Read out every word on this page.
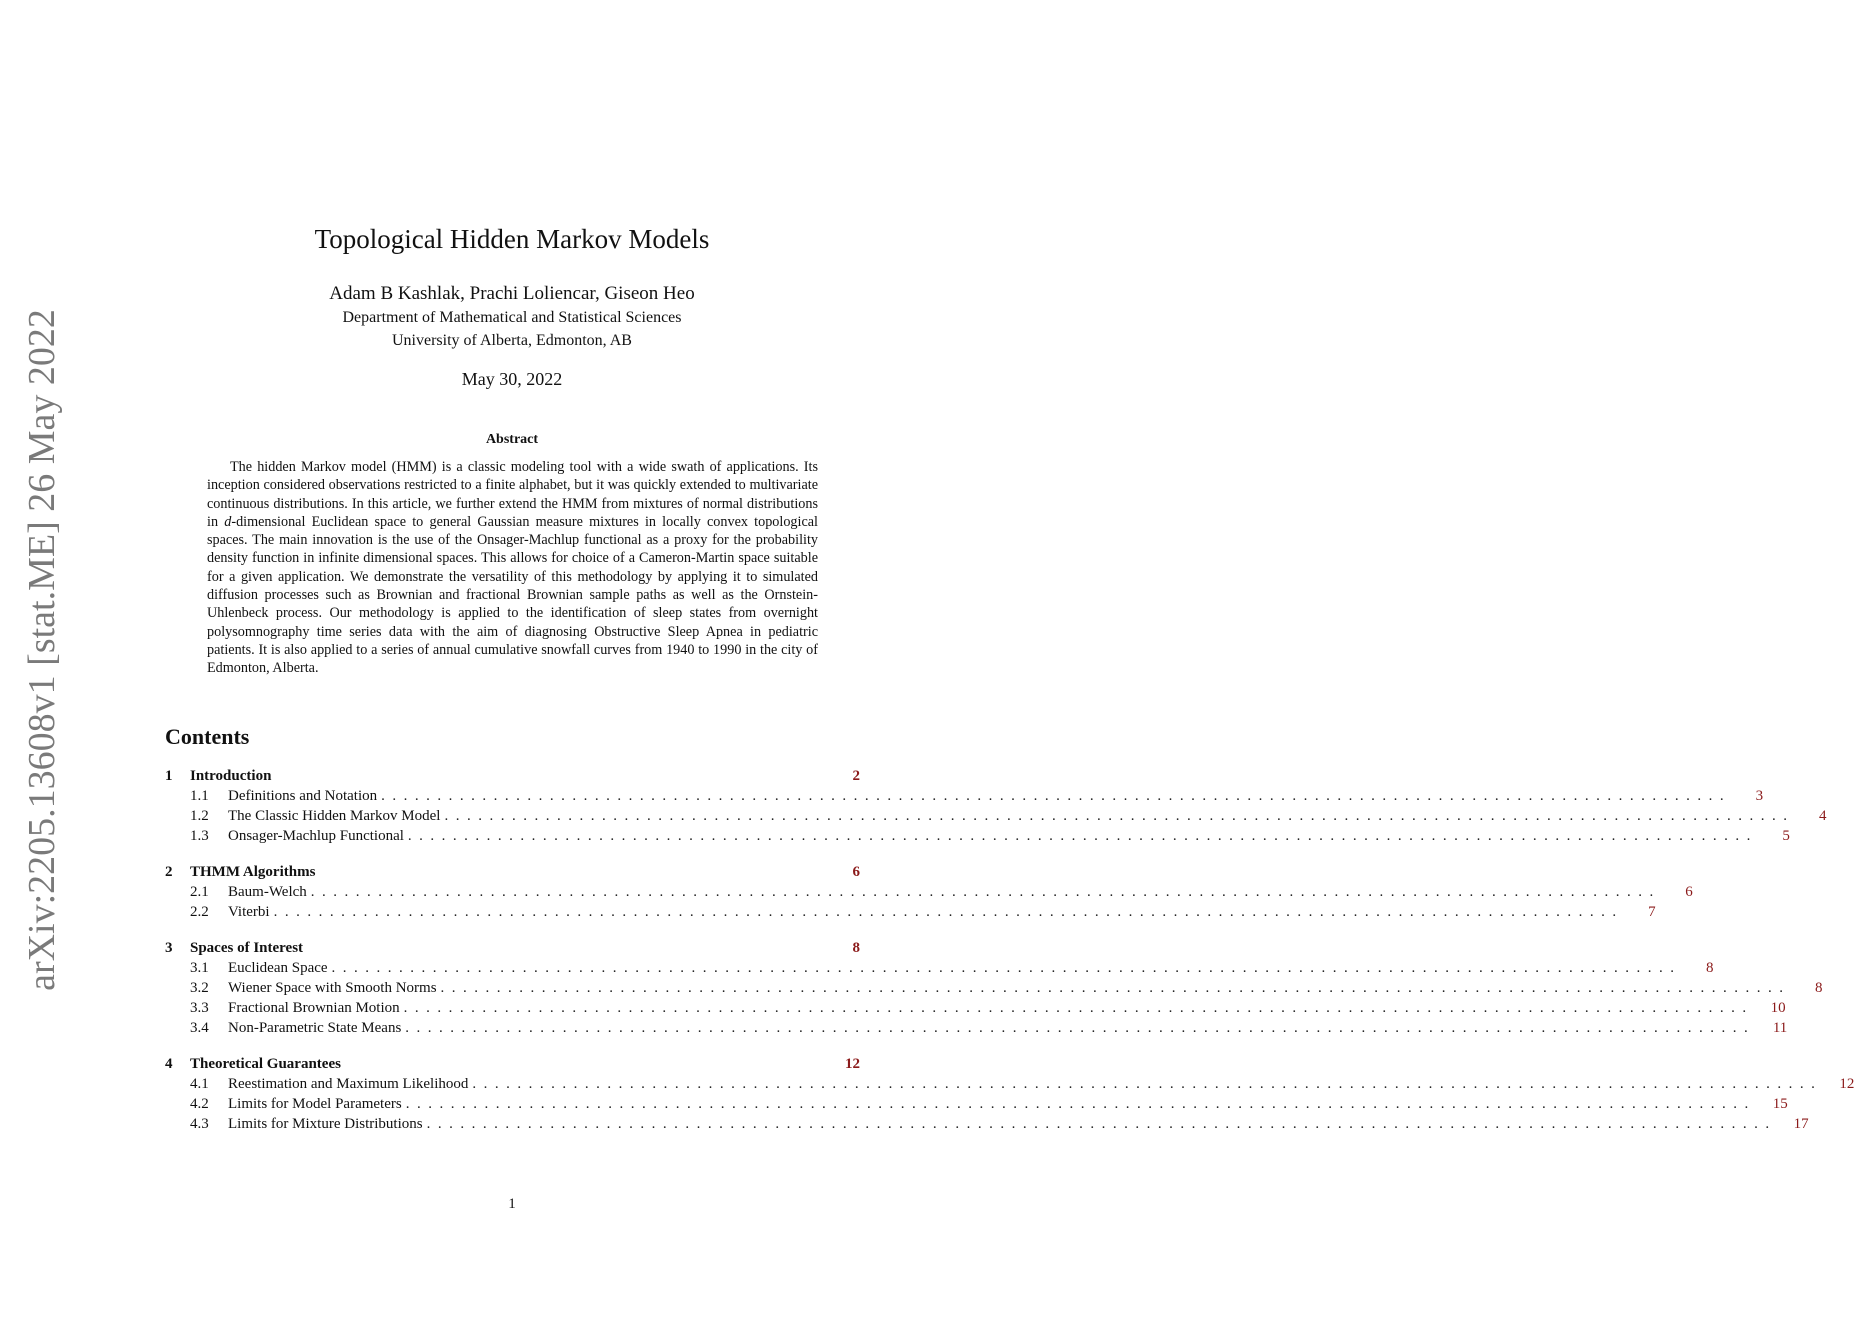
arXiv:2205.13608v1 [stat.ME] 26 May 2022
Topological Hidden Markov Models
Adam B Kashlak, Prachi Loliencar, Giseon Heo
Department of Mathematical and Statistical Sciences
University of Alberta, Edmonton, AB
May 30, 2022
Abstract
The hidden Markov model (HMM) is a classic modeling tool with a wide swath of applications. Its inception considered observations restricted to a finite alphabet, but it was quickly extended to multivariate continuous distributions. In this article, we further extend the HMM from mixtures of normal distributions in d-dimensional Euclidean space to general Gaussian measure mixtures in locally convex topological spaces. The main innovation is the use of the Onsager-Machlup functional as a proxy for the probability density function in infinite dimensional spaces. This allows for choice of a Cameron-Martin space suitable for a given application. We demonstrate the versatility of this methodology by applying it to simulated diffusion processes such as Brownian and fractional Brownian sample paths as well as the Ornstein-Uhlenbeck process. Our methodology is applied to the identification of sleep states from overnight polysomnography time series data with the aim of diagnosing Obstructive Sleep Apnea in pediatric patients. It is also applied to a series of annual cumulative snowfall curves from 1940 to 1990 in the city of Edmonton, Alberta.
Contents
1	Introduction	2
1.1	Definitions and Notation ........................................................................................................................	3
1.2	The Classic Hidden Markov Model ........................................................................................................................	4
1.3	Onsager-Machlup Functional ........................................................................................................................	5
2	THMM Algorithms	6
2.1	Baum-Welch ........................................................................................................................	6
2.2	Viterbi ........................................................................................................................	7
3	Spaces of Interest	8
3.1	Euclidean Space ........................................................................................................................	8
3.2	Wiener Space with Smooth Norms ........................................................................................................................	8
3.3	Fractional Brownian Motion ........................................................................................................................	10
3.4	Non-Parametric State Means ........................................................................................................................	11
4	Theoretical Guarantees	12
4.1	Reestimation and Maximum Likelihood ........................................................................................................................	12
4.2	Limits for Model Parameters ........................................................................................................................	15
4.3	Limits for Mixture Distributions ........................................................................................................................	17
1
